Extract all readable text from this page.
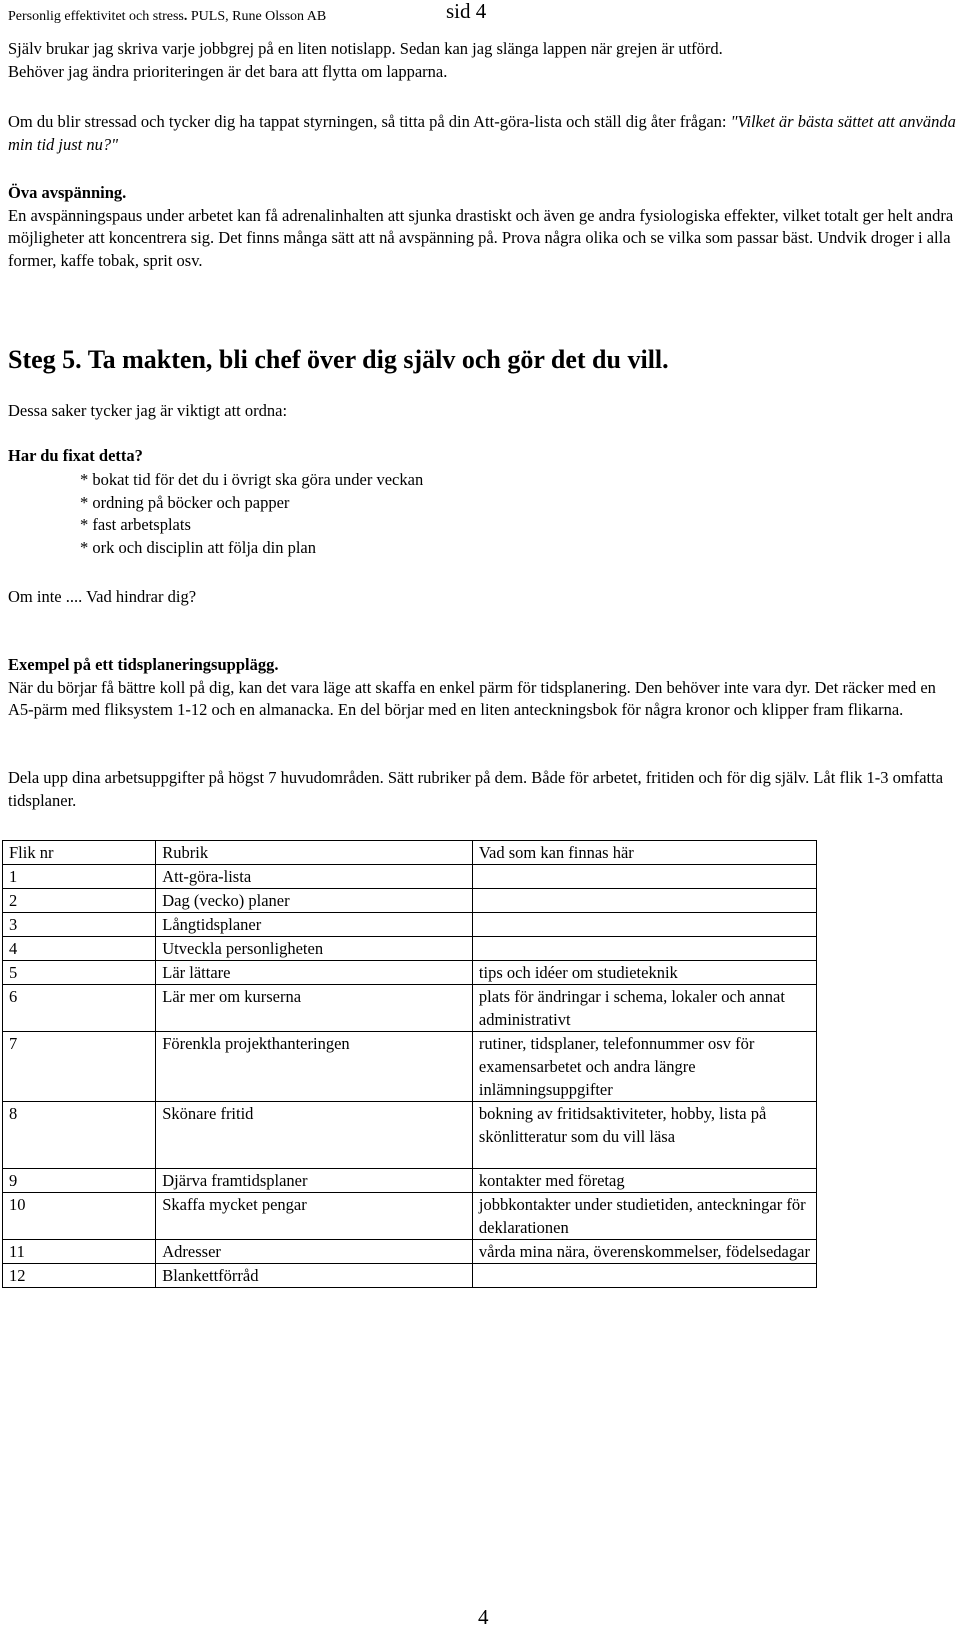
Personlig effektivitet och stress. PULS, Rune Olsson AB	sid 4
Själv brukar jag skriva varje jobbgrej på en liten notislapp. Sedan kan jag slänga lappen när grejen är utförd.
Behöver jag ändra prioriteringen är det bara att flytta om lapparna.
Om du blir stressad och tycker dig ha tappat styrningen, så titta på din Att-göra-lista och ställ dig åter frågan: "Vilket är bästa sättet att använda min tid just nu?"
Öva avspänning.
En avspänningspaus under arbetet kan få adrenalinhalten att sjunka drastiskt och även ge andra fysiologiska effekter, vilket totalt ger helt andra möjligheter att koncentrera sig. Det finns många sätt att nå avspänning på. Prova några olika och se vilka som passar bäst. Undvik droger i alla former, kaffe tobak, sprit osv.
Steg 5. Ta makten, bli chef över dig själv och gör det du vill.
Dessa saker tycker jag är viktigt att ordna:
Har du fixat detta?
* bokat tid för det du i övrigt ska göra under veckan
* ordning på böcker och papper
* fast arbetsplats
* ork och disciplin att följa din plan
Om inte .... Vad hindrar dig?
Exempel på ett tidsplaneringsupplägg.
När du börjar få bättre koll på dig, kan det vara läge att skaffa en enkel pärm för tidsplanering. Den behöver inte vara dyr. Det räcker med en A5-pärm med fliksystem 1-12 och en almanacka. En del börjar med en liten anteckningsbok för några kronor och klipper fram flikarna.
Dela upp dina arbetsuppgifter på högst 7 huvudområden. Sätt rubriker på dem. Både för arbetet, fritiden och för dig själv. Låt flik 1-3 omfatta tidsplaner.
Flik nr	Rubrik	Vad som kan finnas här
1	Att-göra-lista	
2	Dag (vecko) planer	
3	Långtidsplaner	
4	Utveckla personligheten	
5	Lär lättare	tips och idéer om studieteknik
6	Lär mer om kurserna	plats för ändringar i schema, lokaler och annat administrativt
7	Förenkla projekthanteringen	rutiner, tidsplaner, telefonnummer osv för examensarbetet och andra längre inlämningsuppgifter
8	Skönare fritid	bokning av fritidsaktiviteter, hobby, lista på skönlitteratur som du vill läsa
9	Djärva framtidsplaner	kontakter med företag
10	Skaffa mycket pengar	jobbkontakter under studietiden, anteckningar för deklarationen
11	Adresser	vårda mina nära, överenskommelser, födelsedagar
12	Blankettförråd	
4
